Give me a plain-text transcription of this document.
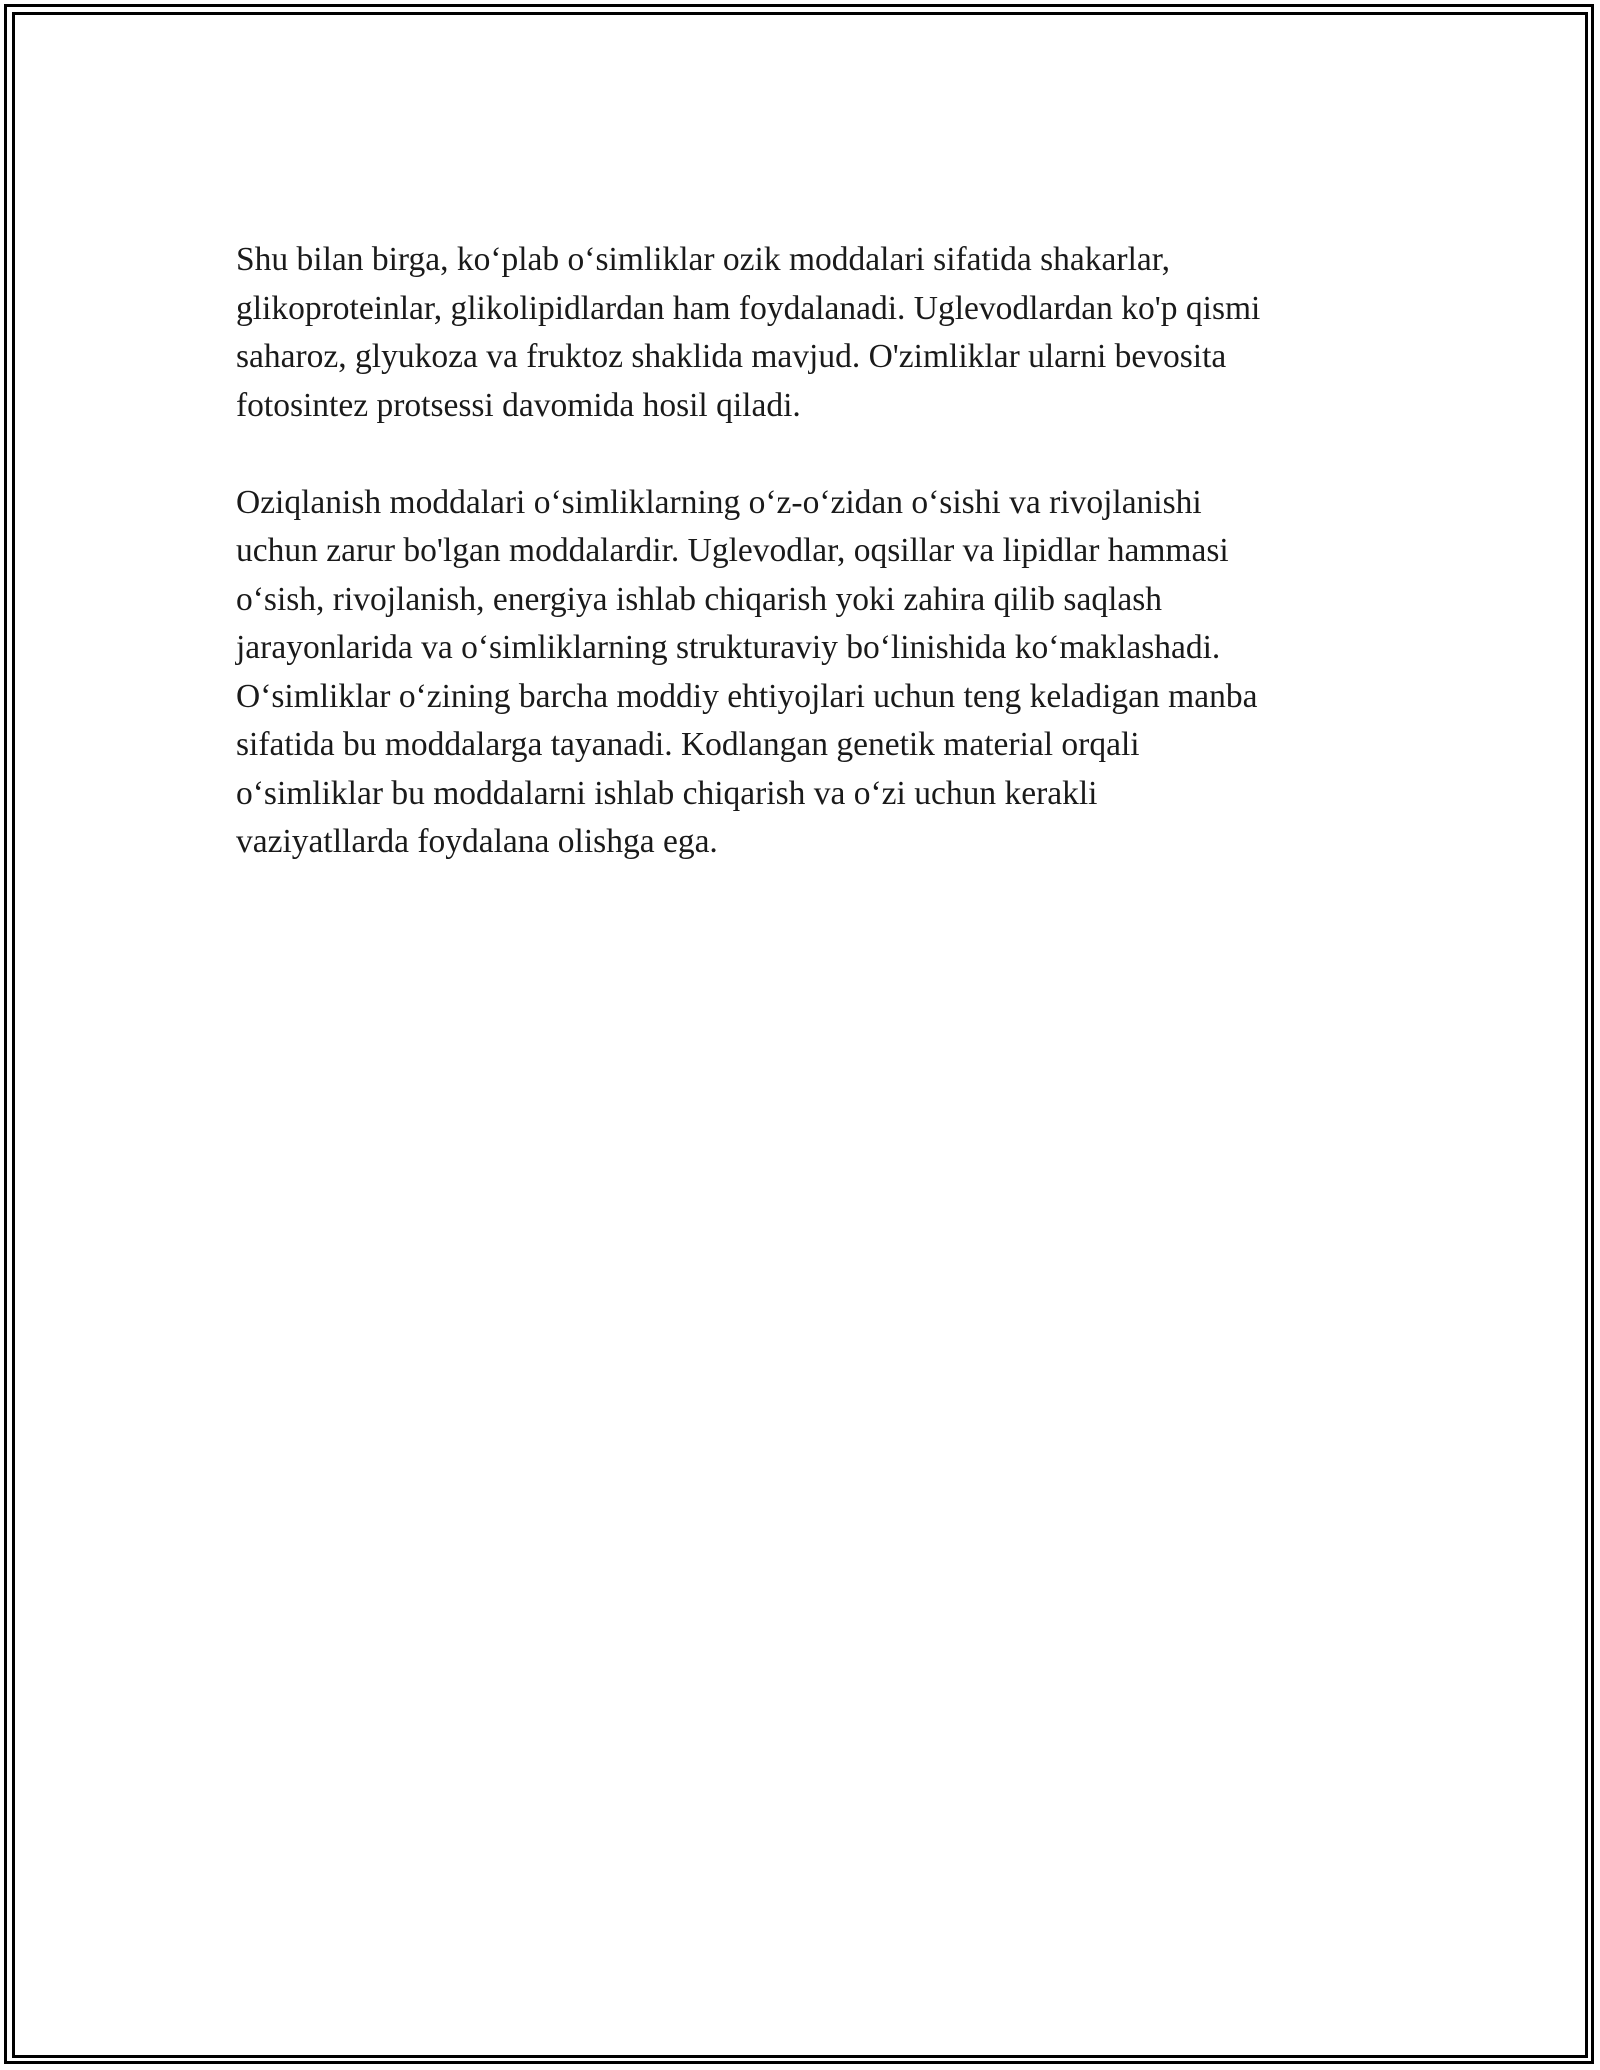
Shu bilan birga, ko‘plab o‘simliklar ozik moddalari sifatida shakarlar,
glikoproteinlar, glikolipidlardan ham foydalanadi. Uglevodlardan ko'p qismi
saharoz, glyukoza va fruktoz shaklida mavjud. O'zimliklar ularni bevosita
fotosintez protsessi davomida hosil qiladi.

Oziqlanish moddalari o‘simliklarning o‘z-o‘zidan o‘sishi va rivojlanishi
uchun zarur bo'lgan moddalardir. Uglevodlar, oqsillar va lipidlar hammasi
o‘sish, rivojlanish, energiya ishlab chiqarish yoki zahira qilib saqlash
jarayonlarida va o‘simliklarning strukturaviy bo‘linishida ko‘maklashadi.
O‘simliklar o‘zining barcha moddiy ehtiyojlari uchun teng keladigan manba
sifatida bu moddalarga tayanadi. Kodlangan genetik material orqali
o‘simliklar bu moddalarni ishlab chiqarish va o‘zi uchun kerakli
vaziyatllarda foydalana olishga ega.
